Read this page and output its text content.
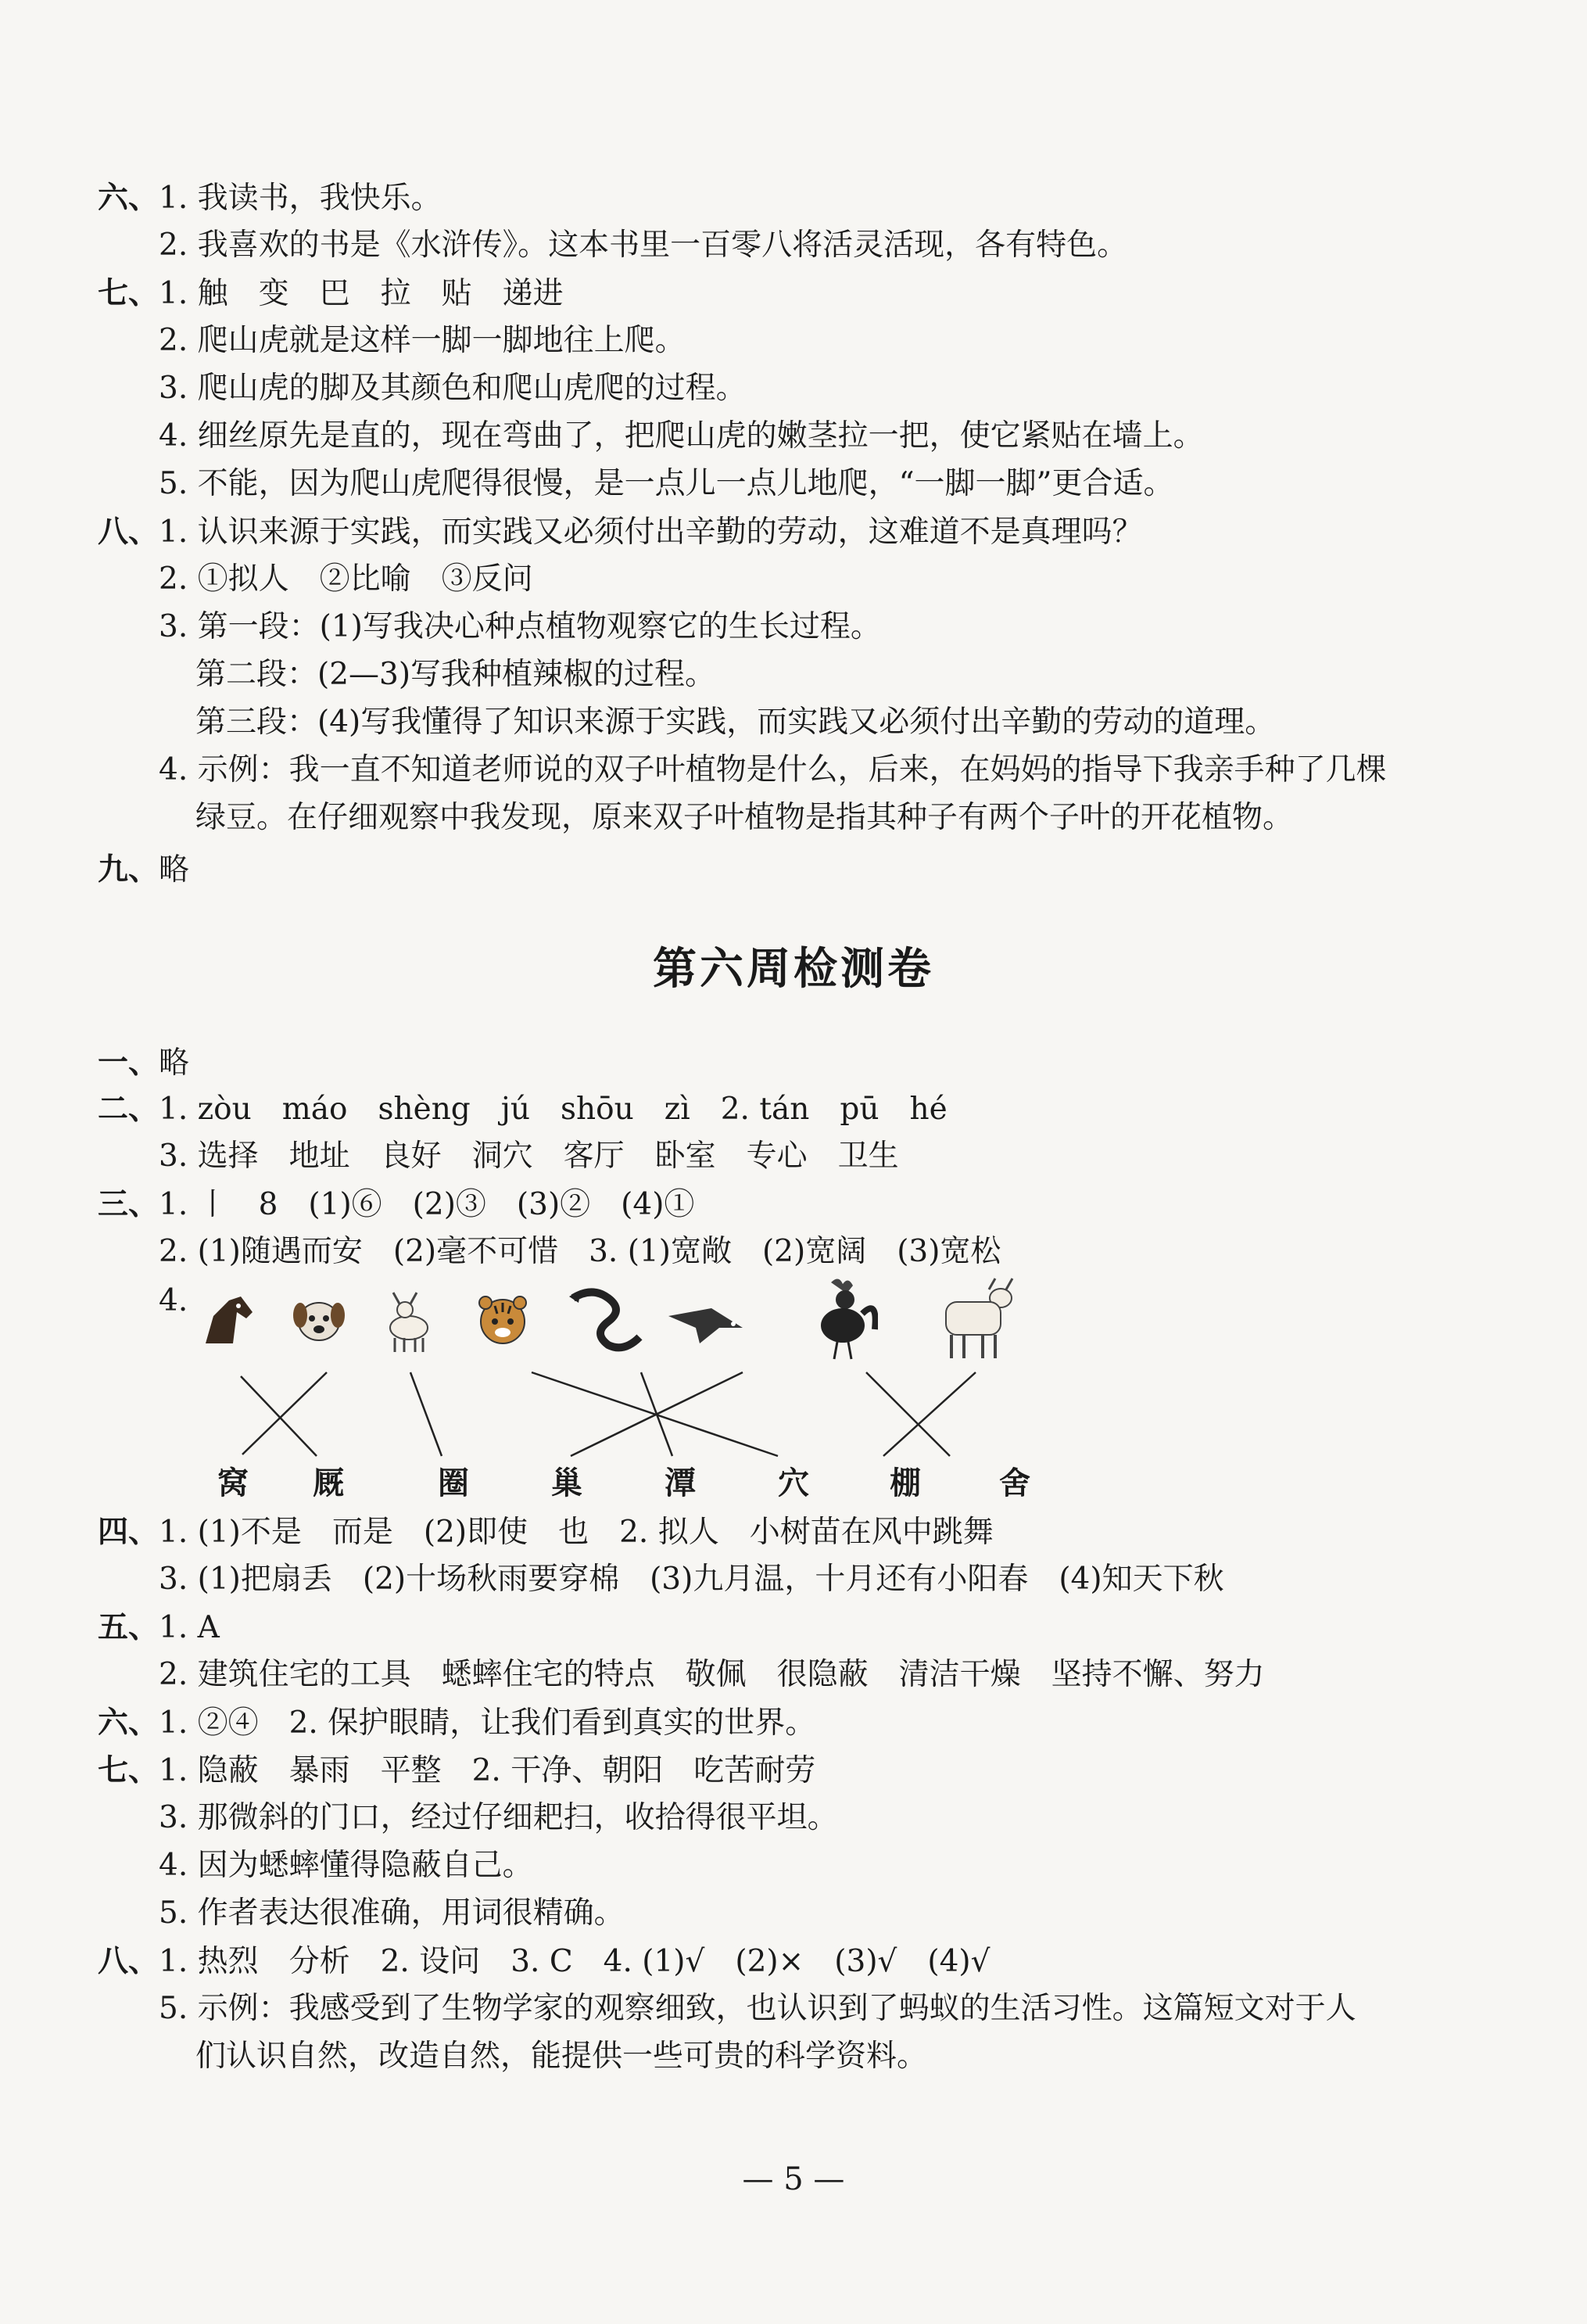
六、1. 我读书，我快乐。
2. 我喜欢的书是《水浒传》。这本书里一百零八将活灵活现，各有特色。
七、1. 触　变　巴　拉　贴　递进
2. 爬山虎就是这样一脚一脚地往上爬。
3. 爬山虎的脚及其颜色和爬山虎爬的过程。
4. 细丝原先是直的，现在弯曲了，把爬山虎的嫩茎拉一把，使它紧贴在墙上。
5. 不能，因为爬山虎爬得很慢，是一点儿一点儿地爬，“一脚一脚”更合适。
八、1. 认识来源于实践，而实践又必须付出辛勤的劳动，这难道不是真理吗？
2. ①拟人　②比喻　③反问
3. 第一段：(1)写我决心种点植物观察它的生长过程。
第二段：(2—3)写我种植辣椒的过程。
第三段：(4)写我懂得了知识来源于实践，而实践又必须付出辛勤的劳动的道理。
4. 示例：我一直不知道老师说的双子叶植物是什么，后来，在妈妈的指导下我亲手种了几棵
绿豆。在仔细观察中我发现，原来双子叶植物是指其种子有两个子叶的开花植物。
九、略
第六周检测卷
一、略
二、1. zòu　máo　shèng　jú　shōu　zì　2. tán　pū　hé
3. 选择　地址　良好　洞穴　客厅　卧室　专心　卫生
三、1. 丨　8　(1)⑥　(2)③　(3)②　(4)①
2. (1)随遇而安　(2)毫不可惜　3. (1)宽敞　(2)宽阔　(3)宽松
4.
窝 厩	圈	巢	潭	穴	棚	舍
四、1. (1)不是　而是　(2)即使　也　2. 拟人　小树苗在风中跳舞
3. (1)把扇丢　(2)十场秋雨要穿棉　(3)九月温，十月还有小阳春　(4)知天下秋
五、1. A
2. 建筑住宅的工具　蟋蟀住宅的特点　敬佩　很隐蔽　清洁干燥　坚持不懈、努力
六、1. ②④　2. 保护眼睛，让我们看到真实的世界。
七、1. 隐蔽　暴雨　平整　2. 干净、朝阳　吃苦耐劳
3. 那微斜的门口，经过仔细耙扫，收拾得很平坦。
4. 因为蟋蟀懂得隐蔽自己。
5. 作者表达很准确，用词很精确。
八、1. 热烈　分析　2. 设问　3. C　4. (1)√　(2)×　(3)√　(4)√
5. 示例：我感受到了生物学家的观察细致，也认识到了蚂蚁的生活习性。这篇短文对于人
们认识自然，改造自然，能提供一些可贵的科学资料。
— 5 —
